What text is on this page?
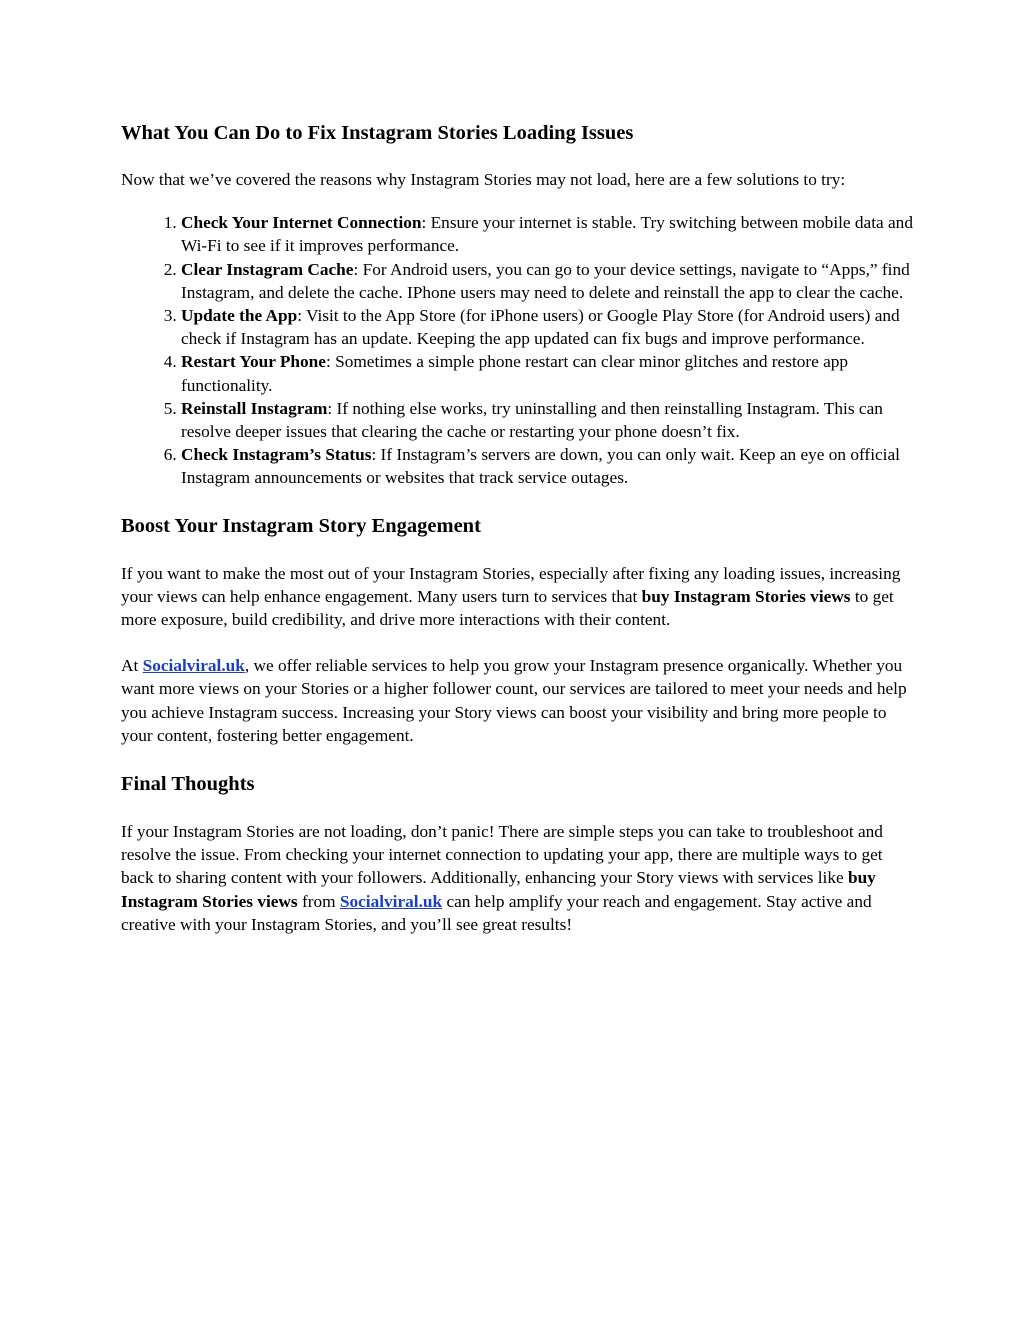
What You Can Do to Fix Instagram Stories Loading Issues

Now that we’ve covered the reasons why Instagram Stories may not load, here are a few solutions to try:

1. Check Your Internet Connection: Ensure your internet is stable. Try switching between mobile data and Wi-Fi to see if it improves performance.
2. Clear Instagram Cache: For Android users, you can go to your device settings, navigate to “Apps,” find Instagram, and delete the cache. IPhone users may need to delete and reinstall the app to clear the cache.
3. Update the App: Visit to the App Store (for iPhone users) or Google Play Store (for Android users) and check if Instagram has an update. Keeping the app updated can fix bugs and improve performance.
4. Restart Your Phone: Sometimes a simple phone restart can clear minor glitches and restore app functionality.
5. Reinstall Instagram: If nothing else works, try uninstalling and then reinstalling Instagram. This can resolve deeper issues that clearing the cache or restarting your phone doesn’t fix.
6. Check Instagram’s Status: If Instagram’s servers are down, you can only wait. Keep an eye on official Instagram announcements or websites that track service outages.
Boost Your Instagram Story Engagement

If you want to make the most out of your Instagram Stories, especially after fixing any loading issues, increasing your views can help enhance engagement. Many users turn to services that buy Instagram Stories views to get more exposure, build credibility, and drive more interactions with their content.

At Socialviral.uk, we offer reliable services to help you grow your Instagram presence organically. Whether you want more views on your Stories or a higher follower count, our services are tailored to meet your needs and help you achieve Instagram success. Increasing your Story views can boost your visibility and bring more people to your content, fostering better engagement.

Final Thoughts

If your Instagram Stories are not loading, don’t panic! There are simple steps you can take to troubleshoot and resolve the issue. From checking your internet connection to updating your app, there are multiple ways to get back to sharing content with your followers. Additionally, enhancing your Story views with services like buy Instagram Stories views from Socialviral.uk can help amplify your reach and engagement. Stay active and creative with your Instagram Stories, and you’ll see great results!
